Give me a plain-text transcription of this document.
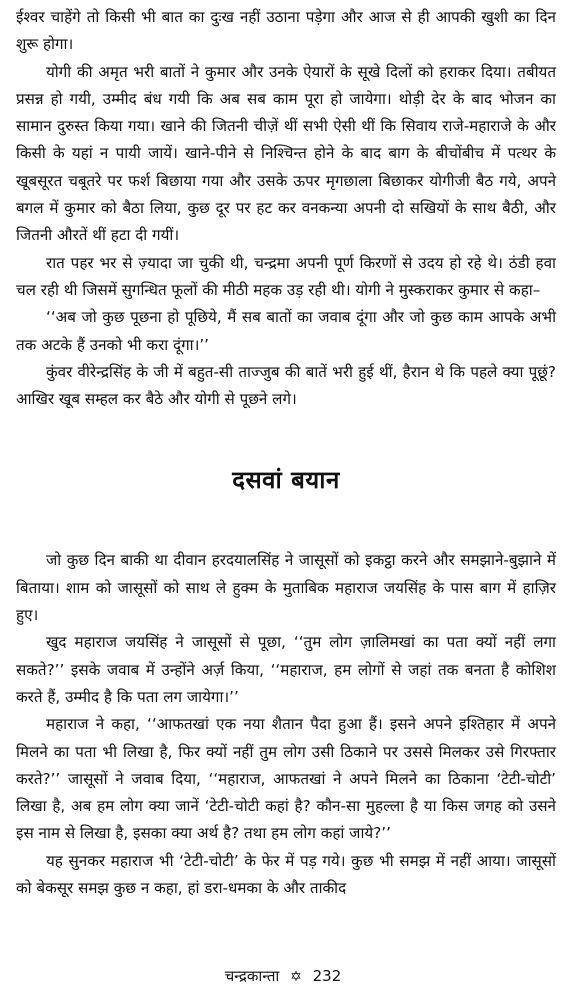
ईश्वर चाहेंगे तो किसी भी बात का दुःख नहीं उठाना पड़ेगा और आज से ही आपकी खुशी का दिन शुरू होगा।

योगी की अमृत भरी बातों ने कुमार और उनके ऐयारों के सूखे दिलों को हराकर दिया। तबीयत प्रसन्न हो गयी, उम्मीद बंध गयी कि अब सब काम पूरा हो जायेगा। थोड़ी देर के बाद भोजन का सामान दुरुस्त किया गया। खाने की जितनी चीज़ें थीं सभी ऐसी थीं कि सिवाय राजे-महाराजे के और किसी के यहां न पायी जायें। खाने-पीने से निश्चिन्त होने के बाद बाग के बीचोंबीच में पत्थर के खूबसूरत चबूतरे पर फर्श बिछाया गया और उसके ऊपर मृगछाला बिछाकर योगीजी बैठ गये, अपने बगल में कुमार को बैठा लिया, कुछ दूर पर हट कर वनकन्या अपनी दो सखियों के साथ बैठी, और जितनी औरतें थीं हटा दी गयीं।

रात पहर भर से ज़्यादा जा चुकी थी, चन्द्रमा अपनी पूर्ण किरणों से उदय हो रहे थे। ठंडी हवा चल रही थी जिसमें सुगन्धित फूलों की मीठी महक उड़ रही थी। योगी ने मुस्कराकर कुमार से कहा–

‘‘अब जो कुछ पूछना हो पूछिये, मैं सब बातों का जवाब दूंगा और जो कुछ काम आपके अभी तक अटके हैं उनको भी करा दूंगा।’’

कुंवर वीरेन्द्रसिंह के जी में बहुत-सी ताज्जुब की बातें भरी हुई थीं, हैरान थे कि पहले क्या पूछूं? आखिर खूब सम्हल कर बैठे और योगी से पूछने लगे।

दसवां बयान

जो कुछ दिन बाकी था दीवान हरदयालसिंह ने जासूसों को इकट्ठा करने और समझाने-बुझाने में बिताया। शाम को जासूसों को साथ ले हुक्म के मुताबिक महाराज जयसिंह के पास बाग में हाज़िर हुए।

खुद महाराज जयसिंह ने जासूसों से पूछा, ‘‘तुम लोग ज़ालिमखां का पता क्यों नहीं लगा सकते?’’ इसके जवाब में उन्होंने अर्ज़ किया, ‘‘महाराज, हम लोगों से जहां तक बनता है कोशिश करते हैं, उम्मीद है कि पता लग जायेगा।’’

महाराज ने कहा, ‘‘आफतखां एक नया शैतान पैदा हुआ हैं। इसने अपने इश्तिहार में अपने मिलने का पता भी लिखा है, फिर क्यों नहीं तुम लोग उसी ठिकाने पर उससे मिलकर उसे गिरफ्तार करते?’’ जासूसों ने जवाब दिया, ‘‘महाराज, आफतखां ने अपने मिलने का ठिकाना ‘टेटी-चोटी’ लिखा है, अब हम लोग क्या जानें ‘टेटी-चोटी कहां है? कौन-सा मुहल्ला है या किस जगह को उसने इस नाम से लिखा है, इसका क्या अर्थ है? तथा हम लोग कहां जाये?’’

यह सुनकर महाराज भी ‘टेटी-चोटी’ के फेर में पड़ गये। कुछ भी समझ में नहीं आया। जासूसों को बेकसूर समझ कुछ न कहा, हां डरा-धमका के और ताकीद

चन्द्रकान्ता ✡ 232
